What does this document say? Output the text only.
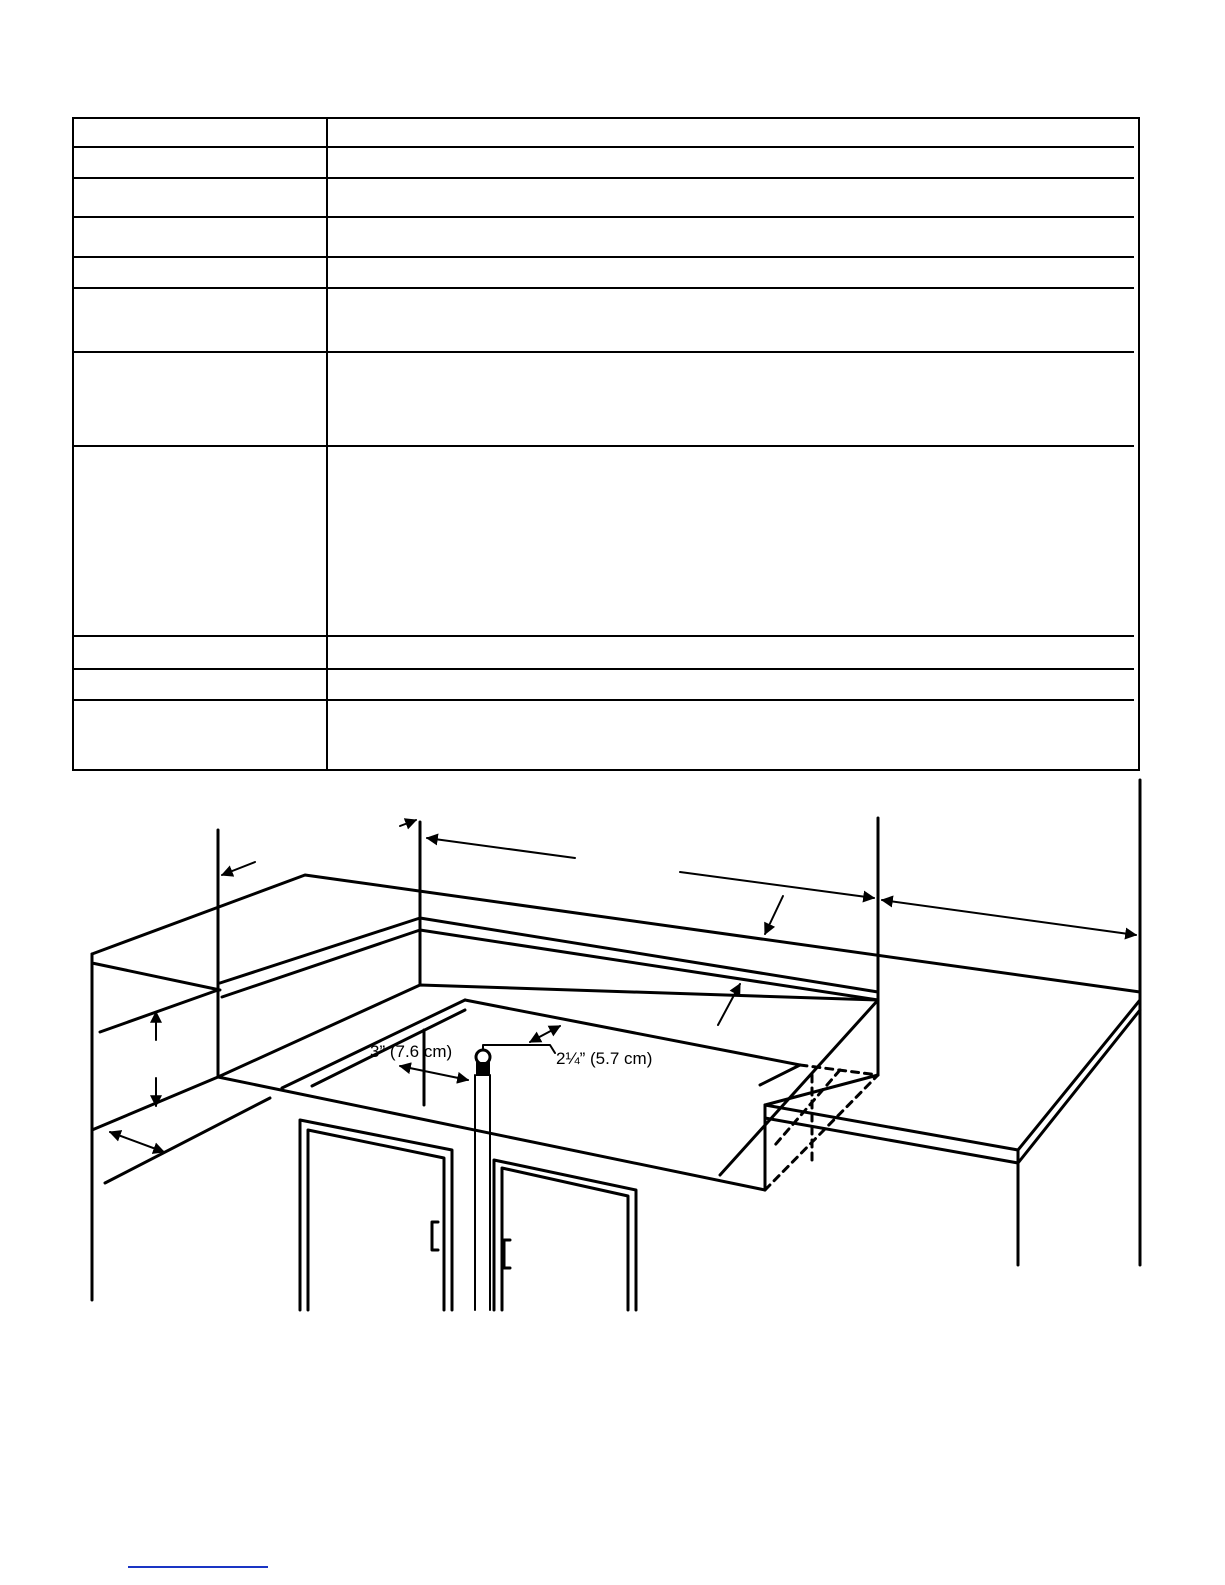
3” (7.6 cm)	2¼” (5.7 cm)
